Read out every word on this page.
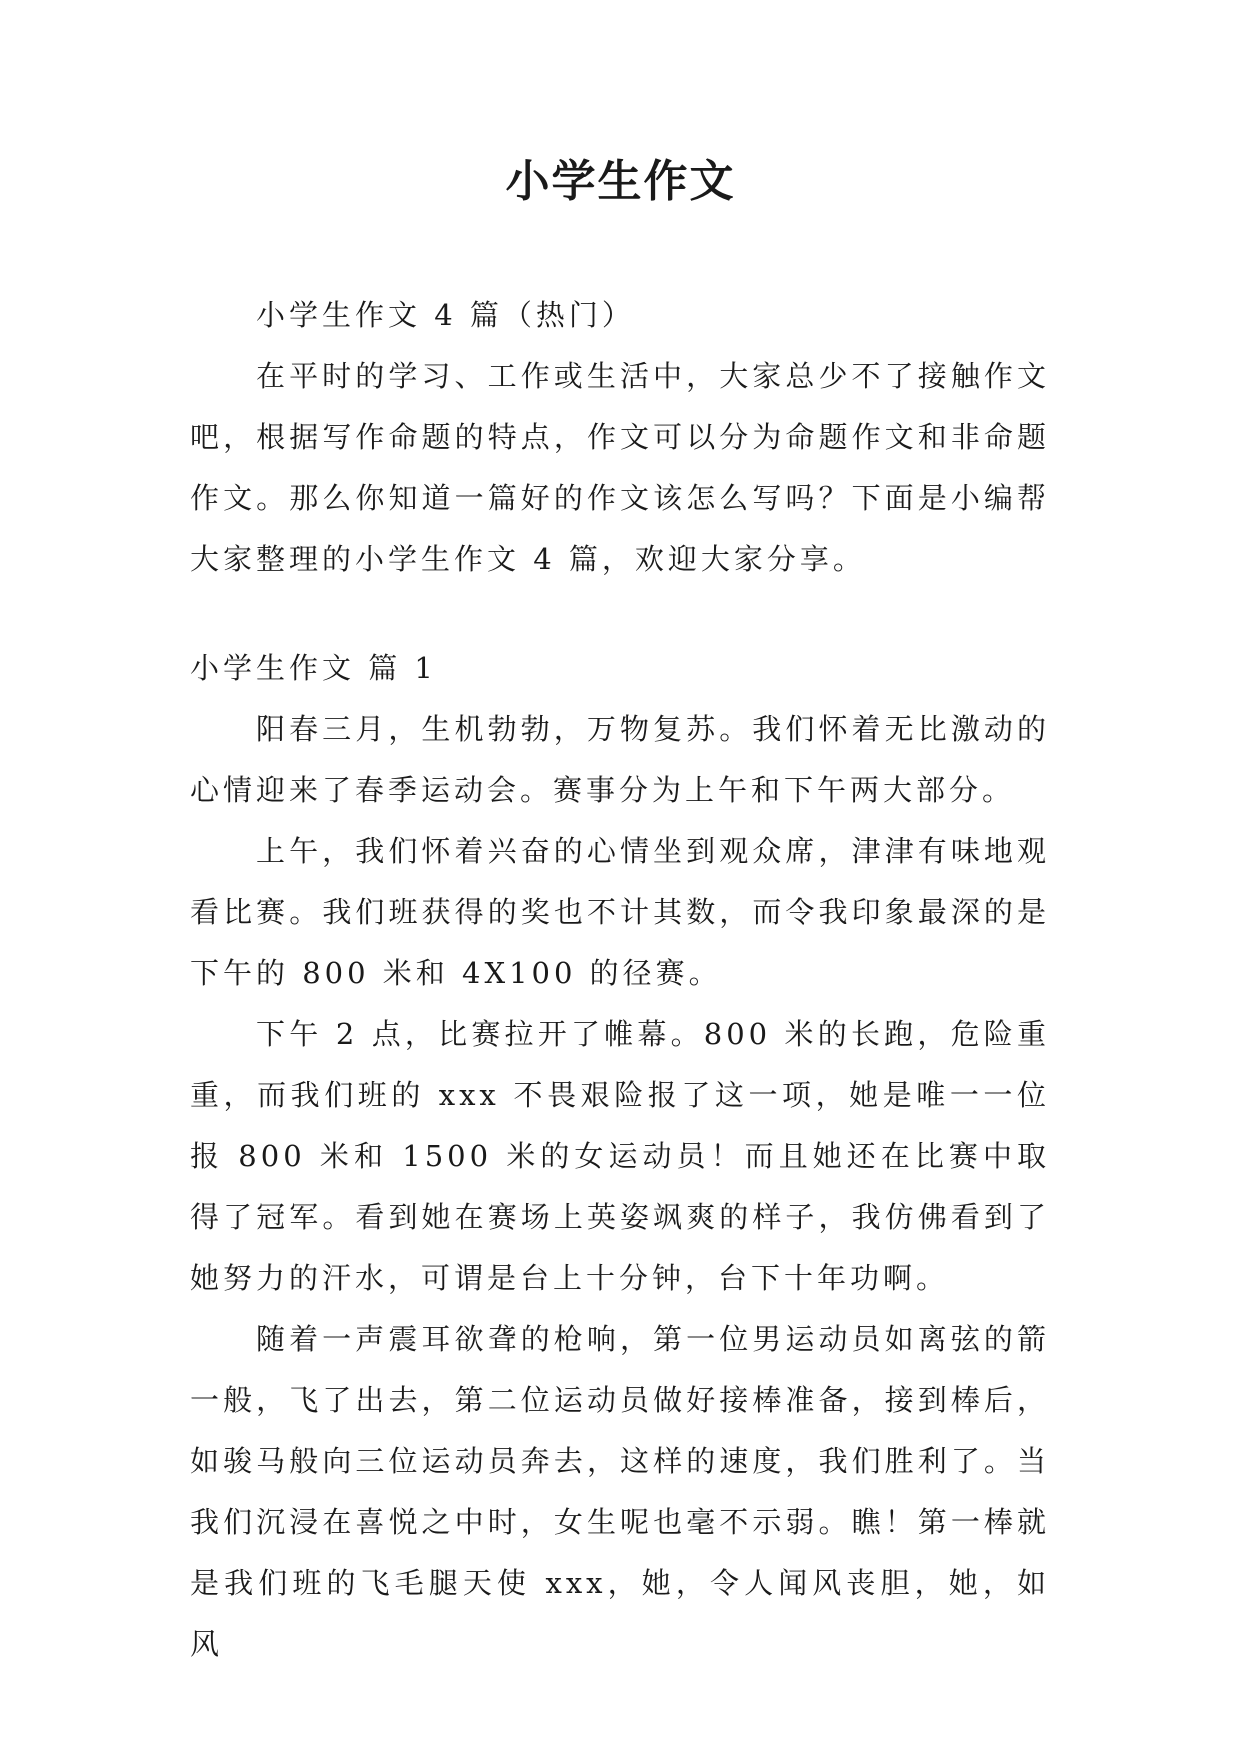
小学生作文

小学生作文 4 篇（热门）

在平时的学习、工作或生活中，大家总少不了接触作文吧，根据写作命题的特点，作文可以分为命题作文和非命题作文。那么你知道一篇好的作文该怎么写吗？下面是小编帮大家整理的小学生作文 4 篇，欢迎大家分享。

小学生作文 篇 1

阳春三月，生机勃勃，万物复苏。我们怀着无比激动的心情迎来了春季运动会。赛事分为上午和下午两大部分。

上午，我们怀着兴奋的心情坐到观众席，津津有味地观看比赛。我们班获得的奖也不计其数，而令我印象最深的是下午的 800 米和 4X100 的径赛。

下午 2 点，比赛拉开了帷幕。800 米的长跑，危险重重，而我们班的 xxx 不畏艰险报了这一项，她是唯一一位报 800 米和 1500 米的女运动员！而且她还在比赛中取得了冠军。看到她在赛场上英姿飒爽的样子，我仿佛看到了她努力的汗水，可谓是台上十分钟，台下十年功啊。

随着一声震耳欲聋的枪响，第一位男运动员如离弦的箭一般，飞了出去，第二位运动员做好接棒准备，接到棒后，如骏马般向三位运动员奔去，这样的速度，我们胜利了。当我们沉浸在喜悦之中时，女生呢也毫不示弱。瞧！第一棒就是我们班的飞毛腿天使 xxx，她，令人闻风丧胆，她，如风
